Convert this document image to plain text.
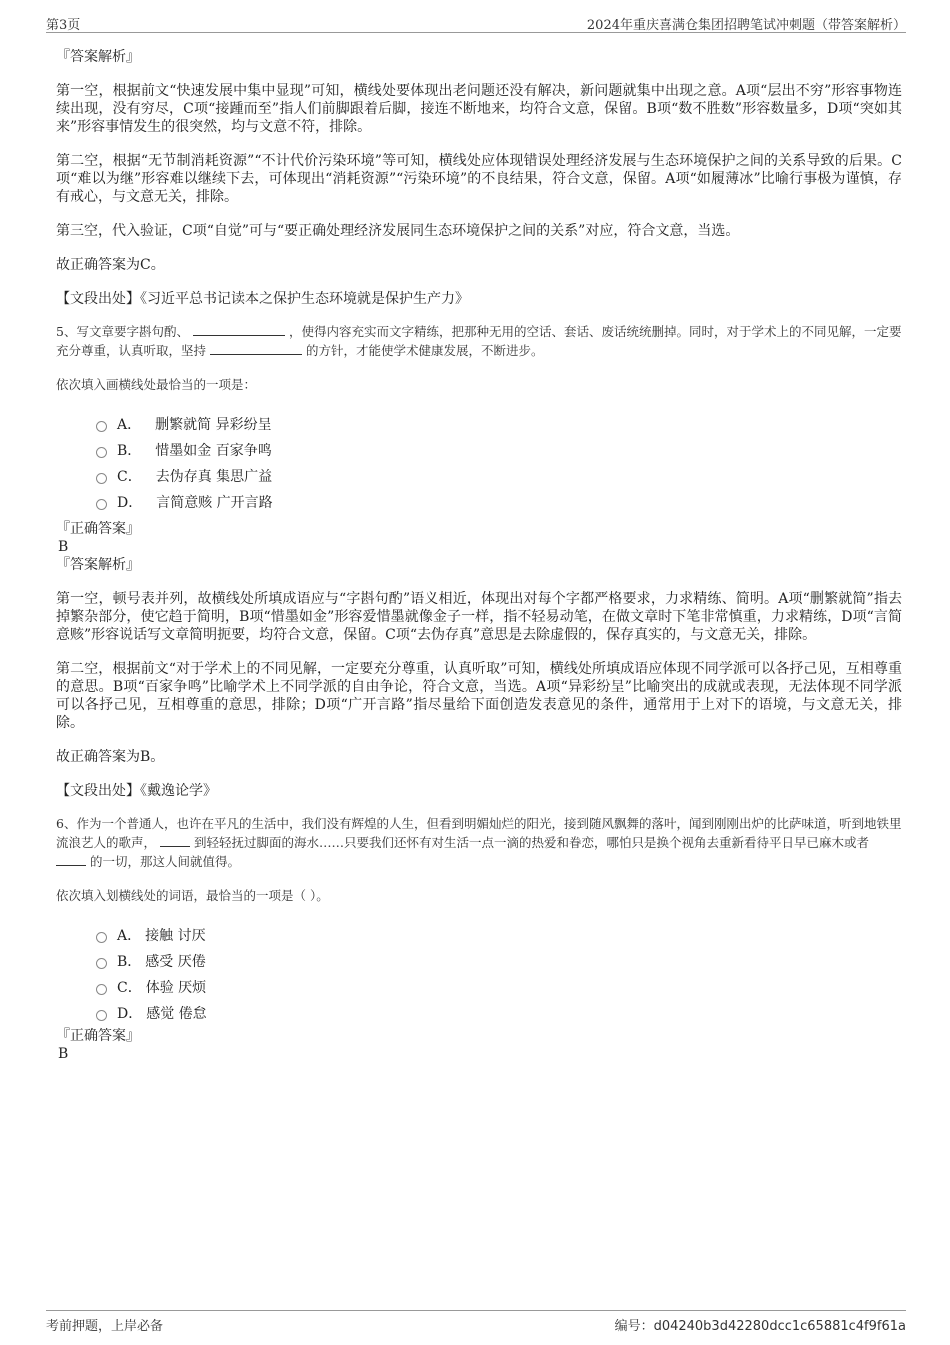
第3页	2024年重庆喜满仓集团招聘笔试冲刺题（带答案解析）

『答案解析』

第一空，根据前文“快速发展中集中显现”可知，横线处要体现出老问题还没有解决，新问题就集中出现之意。A项“层出不穷”形容事物连续出现，没有穷尽，C项“接踵而至”指人们前脚跟着后脚，接连不断地来，均符合文意，保留。B项“数不胜数”形容数量多，D项“突如其来”形容事情发生的很突然，均与文意不符，排除。

第二空，根据“无节制消耗资源”“不计代价污染环境”等可知，横线处应体现错误处理经济发展与生态环境保护之间的关系导致的后果。C项“难以为继”形容难以继续下去，可体现出“消耗资源”“污染环境”的不良结果，符合文意，保留。A项“如履薄冰”比喻行事极为谨慎，存有戒心，与文意无关，排除。

第三空，代入验证，C项“自觉”可与“要正确处理经济发展同生态环境保护之间的关系”对应，符合文意，当选。

故正确答案为C。

【文段出处】《习近平总书记读本之保护生态环境就是保护生产力》

5、写文章要字斟句酌、	，使得内容充实而文字精练，把那种无用的空话、套话、废话统统删掉。同时，对于学术上的不同见解，一定要充分尊重，认真听取，坚持	的方针，才能使学术健康发展，不断进步。

依次填入画横线处最恰当的一项是：

A． 删繁就简 异彩纷呈
B． 惜墨如金 百家争鸣
C． 去伪存真 集思广益
D． 言简意赅 广开言路

『正确答案』

B

『答案解析』

第一空，顿号表并列，故横线处所填成语应与“字斟句酌”语义相近，体现出对每个字都严格要求，力求精练、简明。A项“删繁就简”指去掉繁杂部分，使它趋于简明，B项“惜墨如金”形容爱惜墨就像金子一样，指不轻易动笔，在做文章时下笔非常慎重，力求精练，D项“言简意赅”形容说话写文章简明扼要，均符合文意，保留。C项“去伪存真”意思是去除虚假的，保存真实的，与文意无关，排除。

第二空，根据前文“对于学术上的不同见解，一定要充分尊重，认真听取”可知，横线处所填成语应体现不同学派可以各抒己见，互相尊重的意思。B项“百家争鸣”比喻学术上不同学派的自由争论，符合文意，当选。A项“异彩纷呈”比喻突出的成就或表现，无法体现不同学派可以各抒己见，互相尊重的意思，排除；D项“广开言路”指尽量给下面创造发表意见的条件，通常用于上对下的语境，与文意无关，排除。

故正确答案为B。

【文段出处】《戴逸论学》

6、作为一个普通人，也许在平凡的生活中，我们没有辉煌的人生，但看到明媚灿烂的阳光，接到随风飘舞的落叶，闻到刚刚出炉的比萨味道，听到地铁里流浪艺人的歌声，	到轻轻抚过脚面的海水……只要我们还怀有对生活一点一滴的热爱和眷恋，哪怕只是换个视角去重新看待平日早已麻木或者  的一切，那这人间就值得。

依次填入划横线处的词语，最恰当的一项是（ ）。

A． 接触 讨厌
B． 感受 厌倦
C． 体验 厌烦
D． 感觉 倦怠

『正确答案』

B

考前押题，上岸必备	编号：d04240b3d42280dcc1c65881c4f9f61a
